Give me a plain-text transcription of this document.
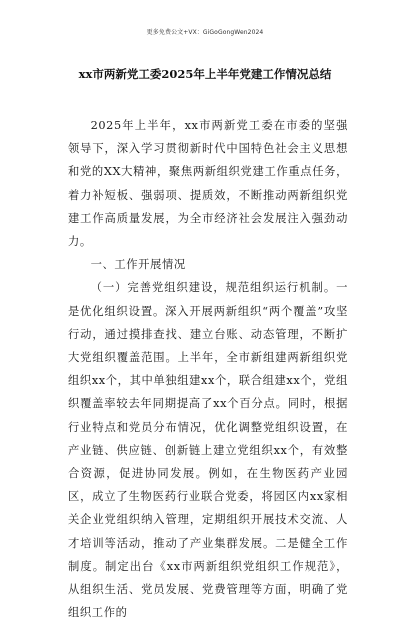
更多免费公文+VX：GiGoGongWen2024
xx市两新党工委2025年上半年党建工作情况总结

2025年上半年，xx市两新党工委在市委的坚强领导下，深入学习贯彻新时代中国特色社会主义思想和党的XX大精神，聚焦两新组织党建工作重点任务，着力补短板、强弱项、提质效，不断推动两新组织党建工作高质量发展，为全市经济社会发展注入强劲动力。

一、工作开展情况

（一）完善党组织建设，规范组织运行机制。一是优化组织设置。深入开展两新组织“两个覆盖”攻坚行动，通过摸排查找、建立台账、动态管理，不断扩大党组织覆盖范围。上半年，全市新组建两新组织党组织xx个，其中单独组建xx个，联合组建xx个，党组织覆盖率较去年同期提高了xx个百分点。同时，根据行业特点和党员分布情况，优化调整党组织设置，在产业链、供应链、创新链上建立党组织xx个，有效整合资源，促进协同发展。例如，在生物医药产业园区，成立了生物医药行业联合党委，将园区内xx家相关企业党组织纳入管理，定期组织开展技术交流、人才培训等活动，推动了产业集群发展。二是健全工作制度。制定出台《xx市两新组织党组织工作规范》，从组织生活、党员发展、党费管理等方面，明确了党组织工作的
